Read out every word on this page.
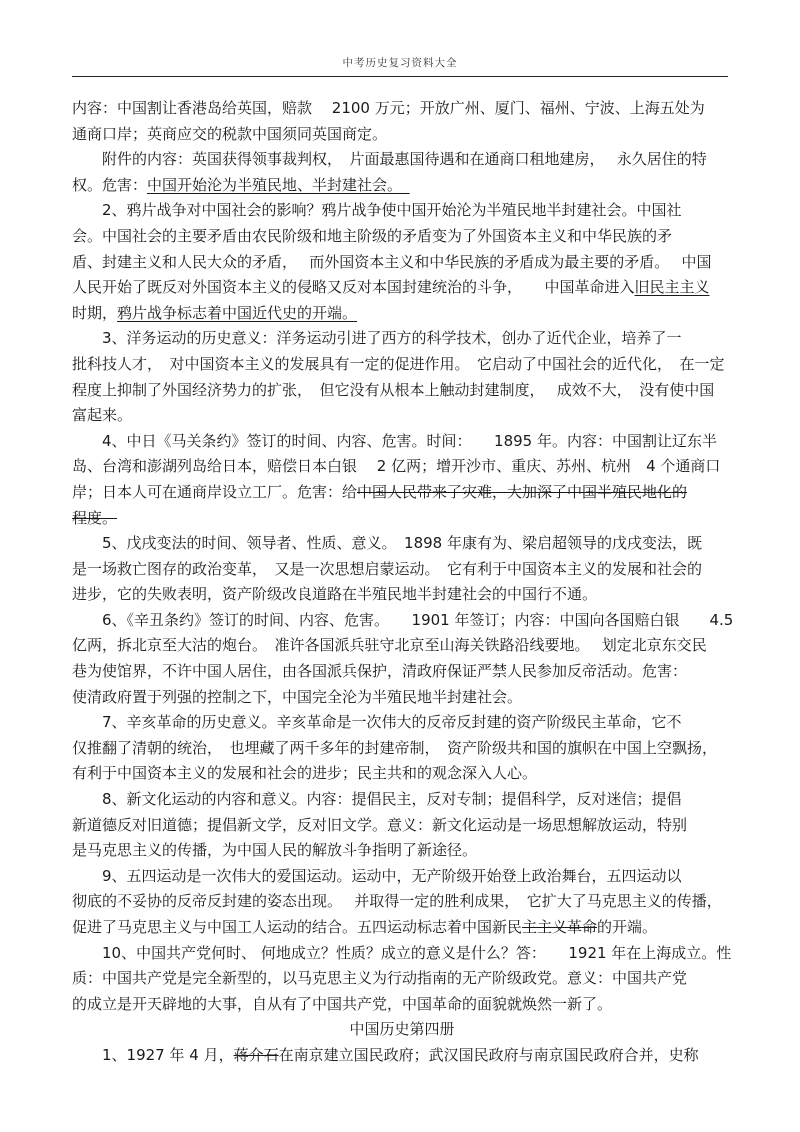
中考历史复习资料大全
内容：中国割让香港岛给英国，赔款　 2100 万元；开放广州、厦门、福州、宁波、上海五处为
通商口岸；英商应交的税款中国须同英国商定。
　　附件的内容：英国获得领事裁判权，　片面最惠国待遇和在通商口租地建房，　 永久居住的特
权。危害：中国开始沦为半殖民地、半封建社会。　
　　2、鸦片战争对中国社会的影响？鸦片战争使中国开始沦为半殖民地半封建社会。中国社
会。中国社会的主要矛盾由农民阶级和地主阶级的矛盾变为了外国资本主义和中华民族的矛
盾、封建主义和人民大众的矛盾，　 而外国资本主义和中华民族的矛盾成为最主要的矛盾。　 中国
人民开始了既反对外国资本主义的侵略又反对本国封建统治的斗争，　　中国革命进入旧民主主义
时期，鸦片战争标志着中国近代史的开端。
　　3、洋务运动的历史意义：洋务运动引进了西方的科学技术，创办了近代企业，培养了一
批科技人才，　对中国资本主义的发展具有一定的促进作用。　它启动了中国社会的近代化，　在一定
程度上抑制了外国经济势力的扩张，　但它没有从根本上触动封建制度，　 成效不大，　没有使中国
富起来。
　　4、中日《马关条约》签订的时间、内容、危害。时间：　　1895 年。内容：中国割让辽东半
岛、台湾和澎湖列岛给日本，赔偿日本白银　 2 亿两；增开沙市、重庆、苏州、杭州　4 个通商口
岸；日本人可在通商岸设立工厂。危害：给中国人民带来了灾难，大加深了中国半殖民地化的
程度。
　　5、戊戌变法的时间、领导者、性质、意义。　1898 年康有为、梁启超领导的戊戌变法，既
是一场救亡图存的政治变革，　又是一次思想启蒙运动。　它有利于中国资本主义的发展和社会的
进步，它的失败表明，资产阶级改良道路在半殖民地半封建社会的中国行不通。
　　6、《辛丑条约》签订的时间、内容、危害。　　1901 年签订；内容：中国向各国赔白银　　4.5
亿两，拆北京至大沽的炮台。　准许各国派兵驻守北京至山海关铁路沿线要地。　 划定北京东交民
巷为使馆界，不许中国人居住，由各国派兵保护，清政府保证严禁人民参加反帝活动。危害：
使清政府置于列强的控制之下，中国完全沦为半殖民地半封建社会。
　　7、辛亥革命的历史意义。辛亥革命是一次伟大的反帝反封建的资产阶级民主革命，它不
仅推翻了清朝的统治，　也埋藏了两千多年的封建帝制，　资产阶级共和国的旗帜在中国上空飘扬，
有利于中国资本主义的发展和社会的进步；民主共和的观念深入人心。
　　8、新文化运动的内容和意义。内容：提倡民主，反对专制；提倡科学，反对迷信；提倡
新道德反对旧道德；提倡新文学，反对旧文学。意义：新文化运动是一场思想解放运动，特别
是马克思主义的传播，为中国人民的解放斗争指明了新途径。
　　9、五四运动是一次伟大的爱国运动。运动中，无产阶级开始登上政治舞台，五四运动以
彻底的不妥协的反帝反封建的姿态出现。　 并取得一定的胜利成果，　它扩大了马克思主义的传播，
促进了马克思主义与中国工人运动的结合。五四运动标志着中国新民主主义革命的开端。
　　10、中国共产党何时、 何地成立？性质？成立的意义是什么？答：　　1921 年在上海成立。性
质：中国共产党是完全新型的，以马克思主义为行动指南的无产阶级政党。意义：中国共产党
的成立是开天辟地的大事，自从有了中国共产党，中国革命的面貌就焕然一新了。
中国历史第四册
　　1、1927 年 4 月，蒋介石在南京建立国民政府；武汉国民政府与南京国民政府合并，史称
